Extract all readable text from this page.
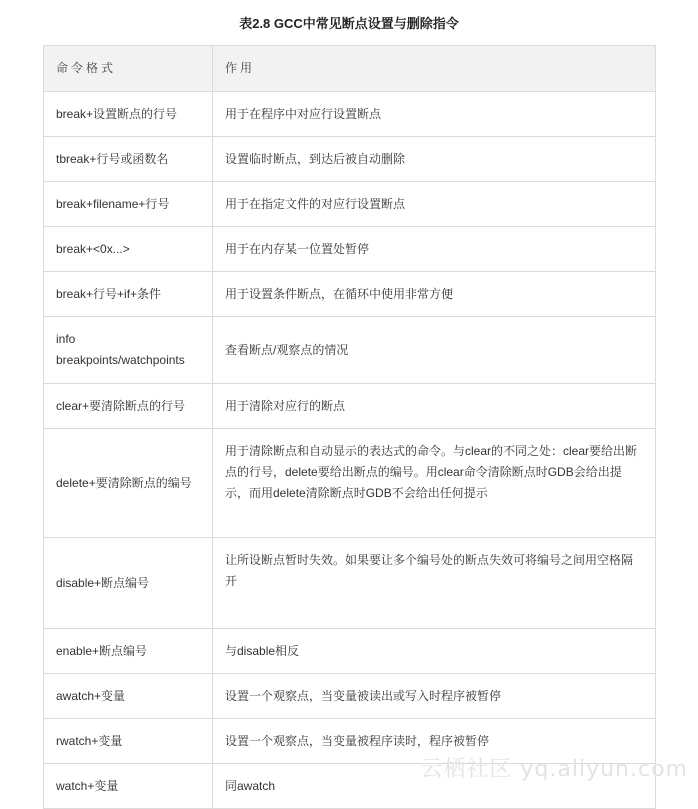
表2.8 GCC中常见断点设置与删除指令
命令格式	作用
break+设置断点的行号	用于在程序中对应行设置断点
tbreak+行号或函数名	设置临时断点，到达后被自动删除
break+filename+行号	用于在指定文件的对应行设置断点
break+<0x...>	用于在内存某一位置处暂停
break+行号+if+条件	用于设置条件断点，在循环中使用非常方便
info breakpoints/watchpoints	查看断点/观察点的情况
clear+要清除断点的行号	用于清除对应行的断点
delete+要清除断点的编号	用于清除断点和自动显示的表达式的命令。与clear的不同之处：clear要给出断点的行号，delete要给出断点的编号。用clear命令清除断点时GDB会给出提示，而用delete清除断点时GDB不会给出任何提示
disable+断点编号	让所设断点暂时失效。如果要让多个编号处的断点失效可将编号之间用空格隔开
enable+断点编号	与disable相反
awatch+变量	设置一个观察点，当变量被读出或写入时程序被暂停
rwatch+变量	设置一个观察点，当变量被程序读时，程序被暂停
watch+变量	同awatch
云栖社区 yq.aliyun.com
